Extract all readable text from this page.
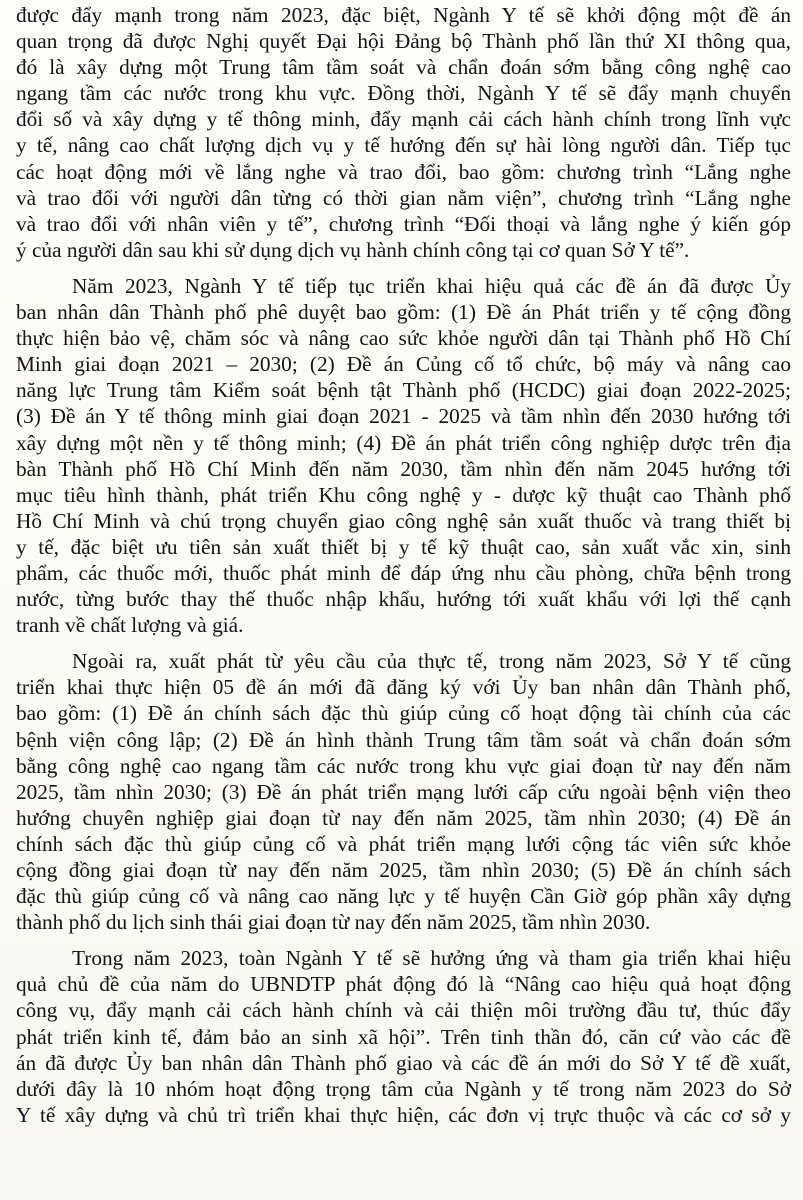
được đẩy mạnh trong năm 2023, đặc biệt, Ngành Y tế sẽ khởi động một đề án
quan trọng đã được Nghị quyết Đại hội Đảng bộ Thành phố lần thứ XI thông qua,
đó là xây dựng một Trung tâm tầm soát và chẩn đoán sớm bằng công nghệ cao
ngang tầm các nước trong khu vực. Đồng thời, Ngành Y tế sẽ đẩy mạnh chuyển
đổi số và xây dựng y tế thông minh, đẩy mạnh cải cách hành chính trong lĩnh vực
y tế, nâng cao chất lượng dịch vụ y tế hướng đến sự hài lòng người dân. Tiếp tục
các hoạt động mới về lắng nghe và trao đổi, bao gồm: chương trình “Lắng nghe
và trao đổi với người dân từng có thời gian nằm viện”, chương trình “Lắng nghe
và trao đổi với nhân viên y tế”, chương trình “Đối thoại và lắng nghe ý kiến góp
ý của người dân sau khi sử dụng dịch vụ hành chính công tại cơ quan Sở Y tế”.
Năm 2023, Ngành Y tế tiếp tục triển khai hiệu quả các đề án đã được Ủy
ban nhân dân Thành phố phê duyệt bao gồm: (1) Đề án Phát triển y tế cộng đồng
thực hiện bảo vệ, chăm sóc và nâng cao sức khỏe người dân tại Thành phố Hồ Chí
Minh giai đoạn 2021 – 2030; (2) Đề án Củng cố tổ chức, bộ máy và nâng cao
năng lực Trung tâm Kiểm soát bệnh tật Thành phố (HCDC) giai đoạn 2022-2025;
(3) Đề án Y tế thông minh giai đoạn 2021 - 2025 và tầm nhìn đến 2030 hướng tới
xây dựng một nền y tế thông minh; (4) Đề án phát triển công nghiệp dược trên địa
bàn Thành phố Hồ Chí Minh đến năm 2030, tầm nhìn đến năm 2045 hướng tới
mục tiêu hình thành, phát triển Khu công nghệ y - dược kỹ thuật cao Thành phố
Hồ Chí Minh và chú trọng chuyển giao công nghệ sản xuất thuốc và trang thiết bị
y tế, đặc biệt ưu tiên sản xuất thiết bị y tế kỹ thuật cao, sản xuất vắc xin, sinh
phẩm, các thuốc mới, thuốc phát minh để đáp ứng nhu cầu phòng, chữa bệnh trong
nước, từng bước thay thế thuốc nhập khẩu, hướng tới xuất khẩu với lợi thế cạnh
tranh về chất lượng và giá.
Ngoài ra, xuất phát từ yêu cầu của thực tế, trong năm 2023, Sở Y tế cũng
triển khai thực hiện 05 đề án mới đã đăng ký với Ủy ban nhân dân Thành phố,
bao gồm: (1) Đề án chính sách đặc thù giúp củng cố hoạt động tài chính của các
bệnh viện công lập; (2) Đề án hình thành Trung tâm tầm soát và chẩn đoán sớm
bằng công nghệ cao ngang tầm các nước trong khu vực giai đoạn từ nay đến năm
2025, tầm nhìn 2030; (3) Đề án phát triển mạng lưới cấp cứu ngoài bệnh viện theo
hướng chuyên nghiệp giai đoạn từ nay đến năm 2025, tầm nhìn 2030; (4) Đề án
chính sách đặc thù giúp củng cố và phát triển mạng lưới cộng tác viên sức khỏe
cộng đồng giai đoạn từ nay đến năm 2025, tầm nhìn 2030; (5) Đề án chính sách
đặc thù giúp củng cố và nâng cao năng lực y tế huyện Cần Giờ góp phần xây dựng
thành phố du lịch sinh thái giai đoạn từ nay đến năm 2025, tầm nhìn 2030.
Trong năm 2023, toàn Ngành Y tế sẽ hưởng ứng và tham gia triển khai hiệu
quả chủ đề của năm do UBNDTP phát động đó là “Nâng cao hiệu quả hoạt động
công vụ, đẩy mạnh cải cách hành chính và cải thiện môi trường đầu tư, thúc đẩy
phát triển kinh tế, đảm bảo an sinh xã hội”. Trên tinh thần đó, căn cứ vào các đề
án đã được Ủy ban nhân dân Thành phố giao và các đề án mới do Sở Y tế đề xuất,
dưới đây là 10 nhóm hoạt động trọng tâm của Ngành y tế trong năm 2023 do Sở
Y tế xây dựng và chủ trì triển khai thực hiện, các đơn vị trực thuộc và các cơ sở y
